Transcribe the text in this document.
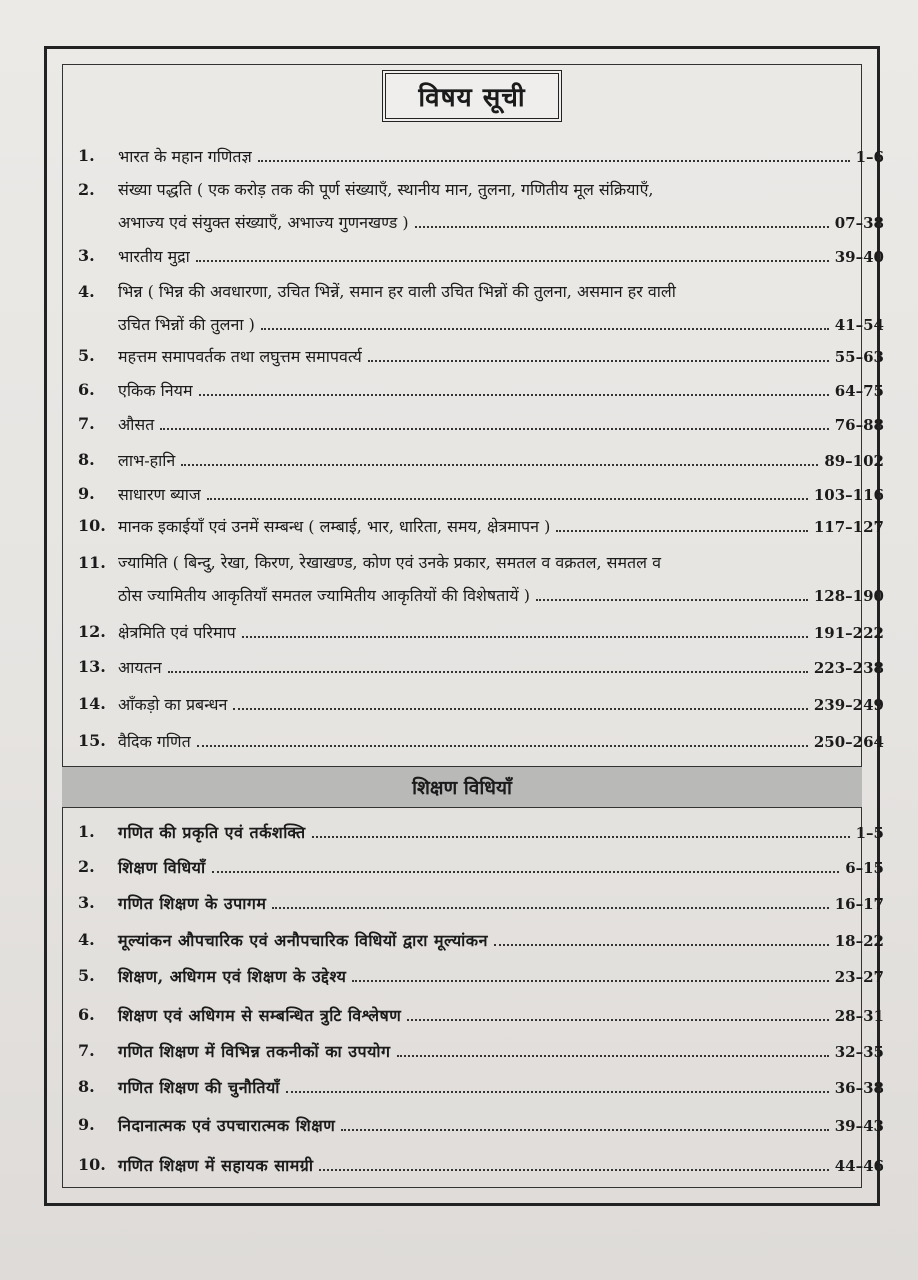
विषय सूची
शिक्षण विधियाँ
1.	भारत के महान गणितज्ञ	1–6
2.	संख्या पद्धति ( एक करोड़ तक की पूर्ण संख्याएँ, स्थानीय मान, तुलना, गणितीय मूल संक्रियाएँ,
अभाज्य एवं संयुक्त संख्याएँ, अभाज्य गुणनखण्ड )	07–38
3.	भारतीय मुद्रा	39–40
4.	भिन्न ( भिन्न की अवधारणा, उचित भिन्नें, समान हर वाली उचित भिन्नों की तुलना, असमान हर वाली
उचित भिन्नों की तुलना )	41–54
5.	महत्तम समापवर्तक तथा लघुत्तम समापवर्त्य	55–63
6.	एकिक नियम	64–75
7.	औसत	76–88
8.	लाभ-हानि	89–102
9.	साधारण ब्याज	103–116
10. मानक इकाईयाँ एवं उनमें सम्बन्ध ( लम्बाई, भार, धारिता, समय, क्षेत्रमापन )	117–127
11. ज्यामिति ( बिन्दु, रेखा, किरण, रेखाखण्ड, कोण एवं उनके प्रकार, समतल व वक्रतल, समतल व
ठोस ज्यामितीय आकृतियाँ समतल ज्यामितीय आकृतियों की विशेषतायें )	128–190
12. क्षेत्रमिति एवं परिमाप	191–222
13. आयतन	223–238
14. आँकड़ो का प्रबन्धन	239–249
15. वैदिक गणित	250–264
1.	गणित की प्रकृति एवं तर्कशक्ति	1–5
2.	शिक्षण विधियाँ	6–15
3.	गणित शिक्षण के उपागम	16–17
4.	मूल्यांकन औपचारिक एवं अनौपचारिक विधियों द्वारा मूल्यांकन	18–22
5.	शिक्षण, अधिगम एवं शिक्षण के उद्देश्य	23–27
6.	शिक्षण एवं अधिगम से सम्बन्धित त्रुटि विश्लेषण	28–31
7.	गणित शिक्षण में विभिन्न तकनीकों का उपयोग	32–35
8.	गणित शिक्षण की चुनौतियाँ	36–38
9.	निदानात्मक एवं उपचारात्मक शिक्षण	39–43
10. गणित शिक्षण में सहायक सामग्री	44–46
